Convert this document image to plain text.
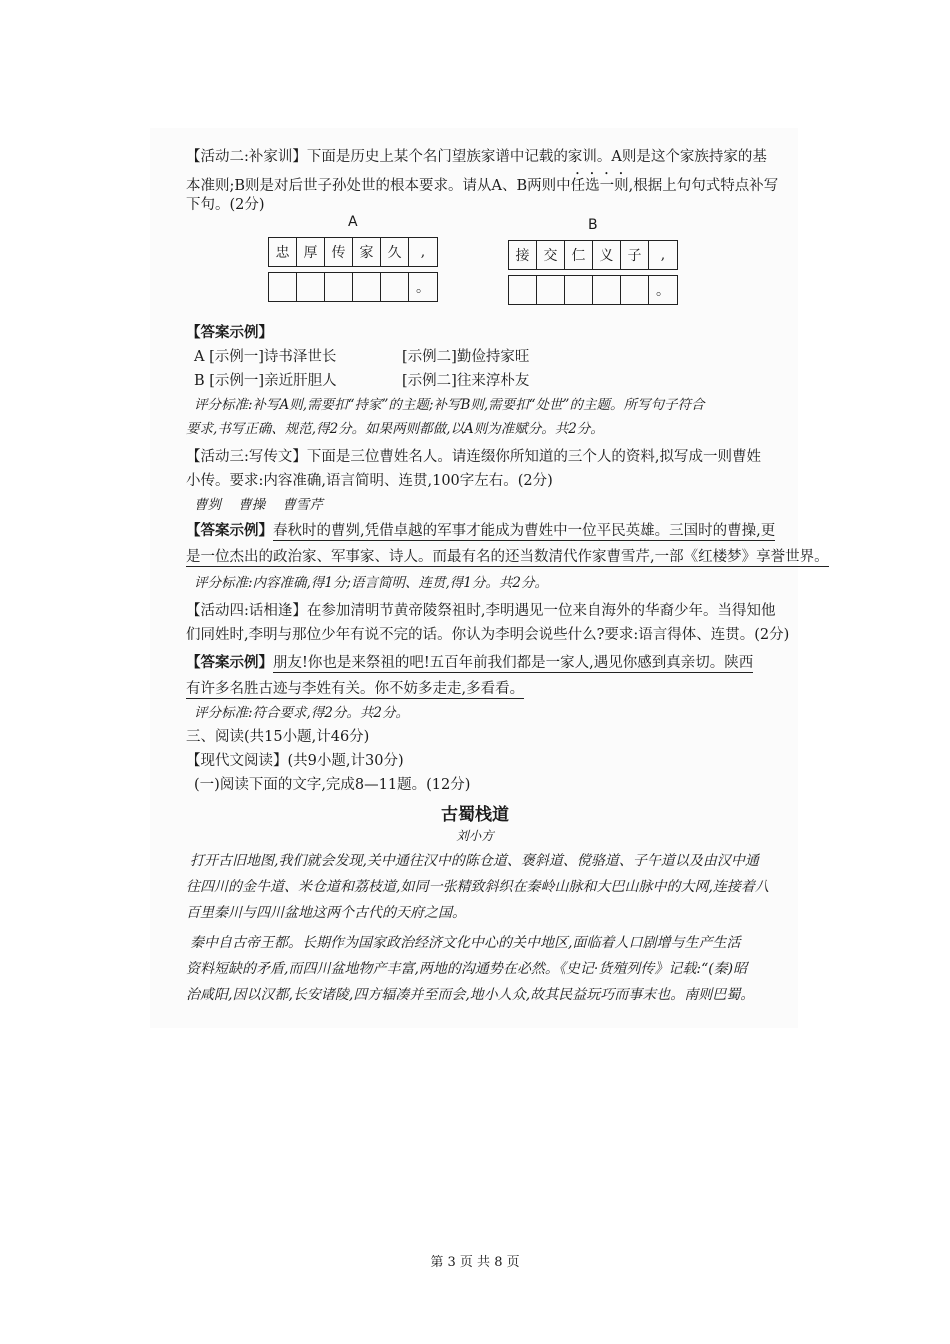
【活动二:补家训】下面是历史上某个名门望族家谱中记载的家训。A则是这个家族持家的基
本准则;B则是对后世子孙处世的根本要求。请从A、B两则中任选一则,根据上句句式特点补写
下句。(2分)
A	B
忠	厚	传	家	久	,
。
接	交	仁	义	子	,
。
【答案示例】
A [示例一]诗书泽世长	[示例二]勤俭持家旺
B [示例一]亲近肝胆人	[示例二]往来淳朴友
评分标准:补写A则,需要扣“持家”的主题;补写B则,需要扣“处世”的主题。所写句子符合
要求,书写正确、规范,得2分。如果两则都做,以A则为准赋分。共2分。
【活动三:写传文】下面是三位曹姓名人。请连缀你所知道的三个人的资料,拟写成一则曹姓
小传。要求:内容准确,语言简明、连贯,100字左右。(2分)
曹刿    曹操    曹雪芹
【答案示例】春秋时的曹刿,凭借卓越的军事才能成为曹姓中一位平民英雄。三国时的曹操,更
是一位杰出的政治家、军事家、诗人。而最有名的还当数清代作家曹雪芹,一部《红楼梦》享誉世界。
评分标准:内容准确,得1分;语言简明、连贯,得1分。共2分。
【活动四:话相逢】在参加清明节黄帝陵祭祖时,李明遇见一位来自海外的华裔少年。当得知他
们同姓时,李明与那位少年有说不完的话。你认为李明会说些什么?要求:语言得体、连贯。(2分)
【答案示例】朋友!你也是来祭祖的吧!五百年前我们都是一家人,遇见你感到真亲切。陕西
有许多名胜古迹与李姓有关。你不妨多走走,多看看。
评分标准:符合要求,得2分。共2分。
三、阅读(共15小题,计46分)
【现代文阅读】(共9小题,计30分)
(一)阅读下面的文字,完成8—11题。(12分)
古蜀栈道
刘小方
打开古旧地图,我们就会发现,关中通往汉中的陈仓道、褒斜道、傥骆道、子午道以及由汉中通
往四川的金牛道、米仓道和荔枝道,如同一张精致斜织在秦岭山脉和大巴山脉中的大网,连接着八
百里秦川与四川盆地这两个古代的天府之国。
秦中自古帝王都。长期作为国家政治经济文化中心的关中地区,面临着人口剧增与生产生活
资料短缺的矛盾,而四川盆地物产丰富,两地的沟通势在必然。《史记·货殖列传》记载:“(秦)昭
治咸阳,因以汉都,长安诸陵,四方辐凑并至而会,地小人众,故其民益玩巧而事末也。南则巴蜀。
第 3 页 共 8 页
